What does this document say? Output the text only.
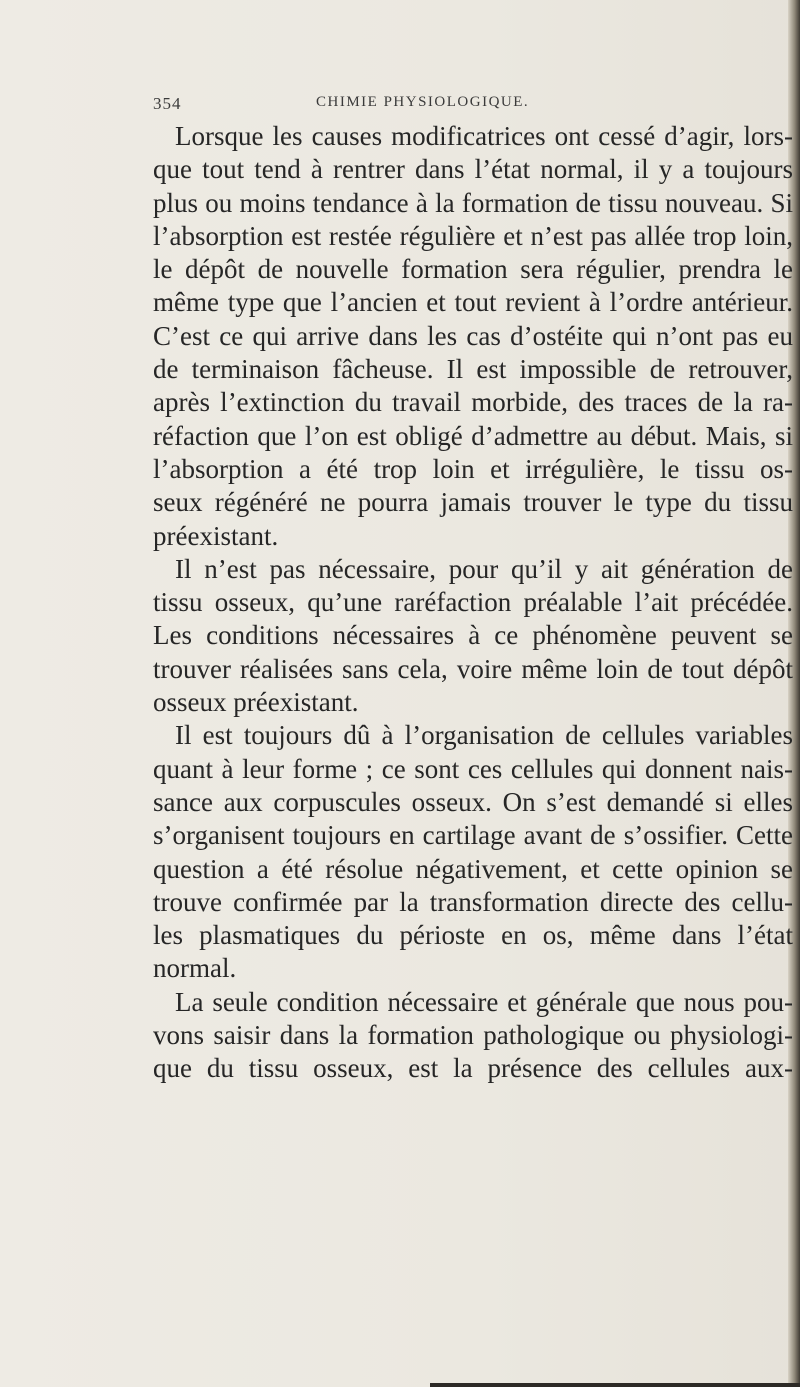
354	CHIMIE PHYSIOLOGIQUE.
Lorsque les causes modificatrices ont cessé d’agir, lors-
que tout tend à rentrer dans l’état normal, il y a toujours
plus ou moins tendance à la formation de tissu nouveau. Si
l’absorption est restée régulière et n’est pas allée trop loin,
le dépôt de nouvelle formation sera régulier, prendra le
même type que l’ancien et tout revient à l’ordre antérieur.
C’est ce qui arrive dans les cas d’ostéite qui n’ont pas eu
de terminaison fâcheuse. Il est impossible de retrouver,
après l’extinction du travail morbide, des traces de la ra-
réfaction que l’on est obligé d’admettre au début. Mais, si
l’absorption a été trop loin et irrégulière, le tissu os-
seux régénéré ne pourra jamais trouver le type du tissu
préexistant.
Il n’est pas nécessaire, pour qu’il y ait génération de
tissu osseux, qu’une raréfaction préalable l’ait précédée.
Les conditions nécessaires à ce phénomène peuvent se
trouver réalisées sans cela, voire même loin de tout dépôt
osseux préexistant.
Il est toujours dû à l’organisation de cellules variables
quant à leur forme ; ce sont ces cellules qui donnent nais-
sance aux corpuscules osseux. On s’est demandé si elles
s’organisent toujours en cartilage avant de s’ossifier. Cette
question a été résolue négativement, et cette opinion se
trouve confirmée par la transformation directe des cellu-
les plasmatiques du périoste en os, même dans l’état
normal.
La seule condition nécessaire et générale que nous pou-
vons saisir dans la formation pathologique ou physiologi-
que du tissu osseux, est la présence des cellules aux-
